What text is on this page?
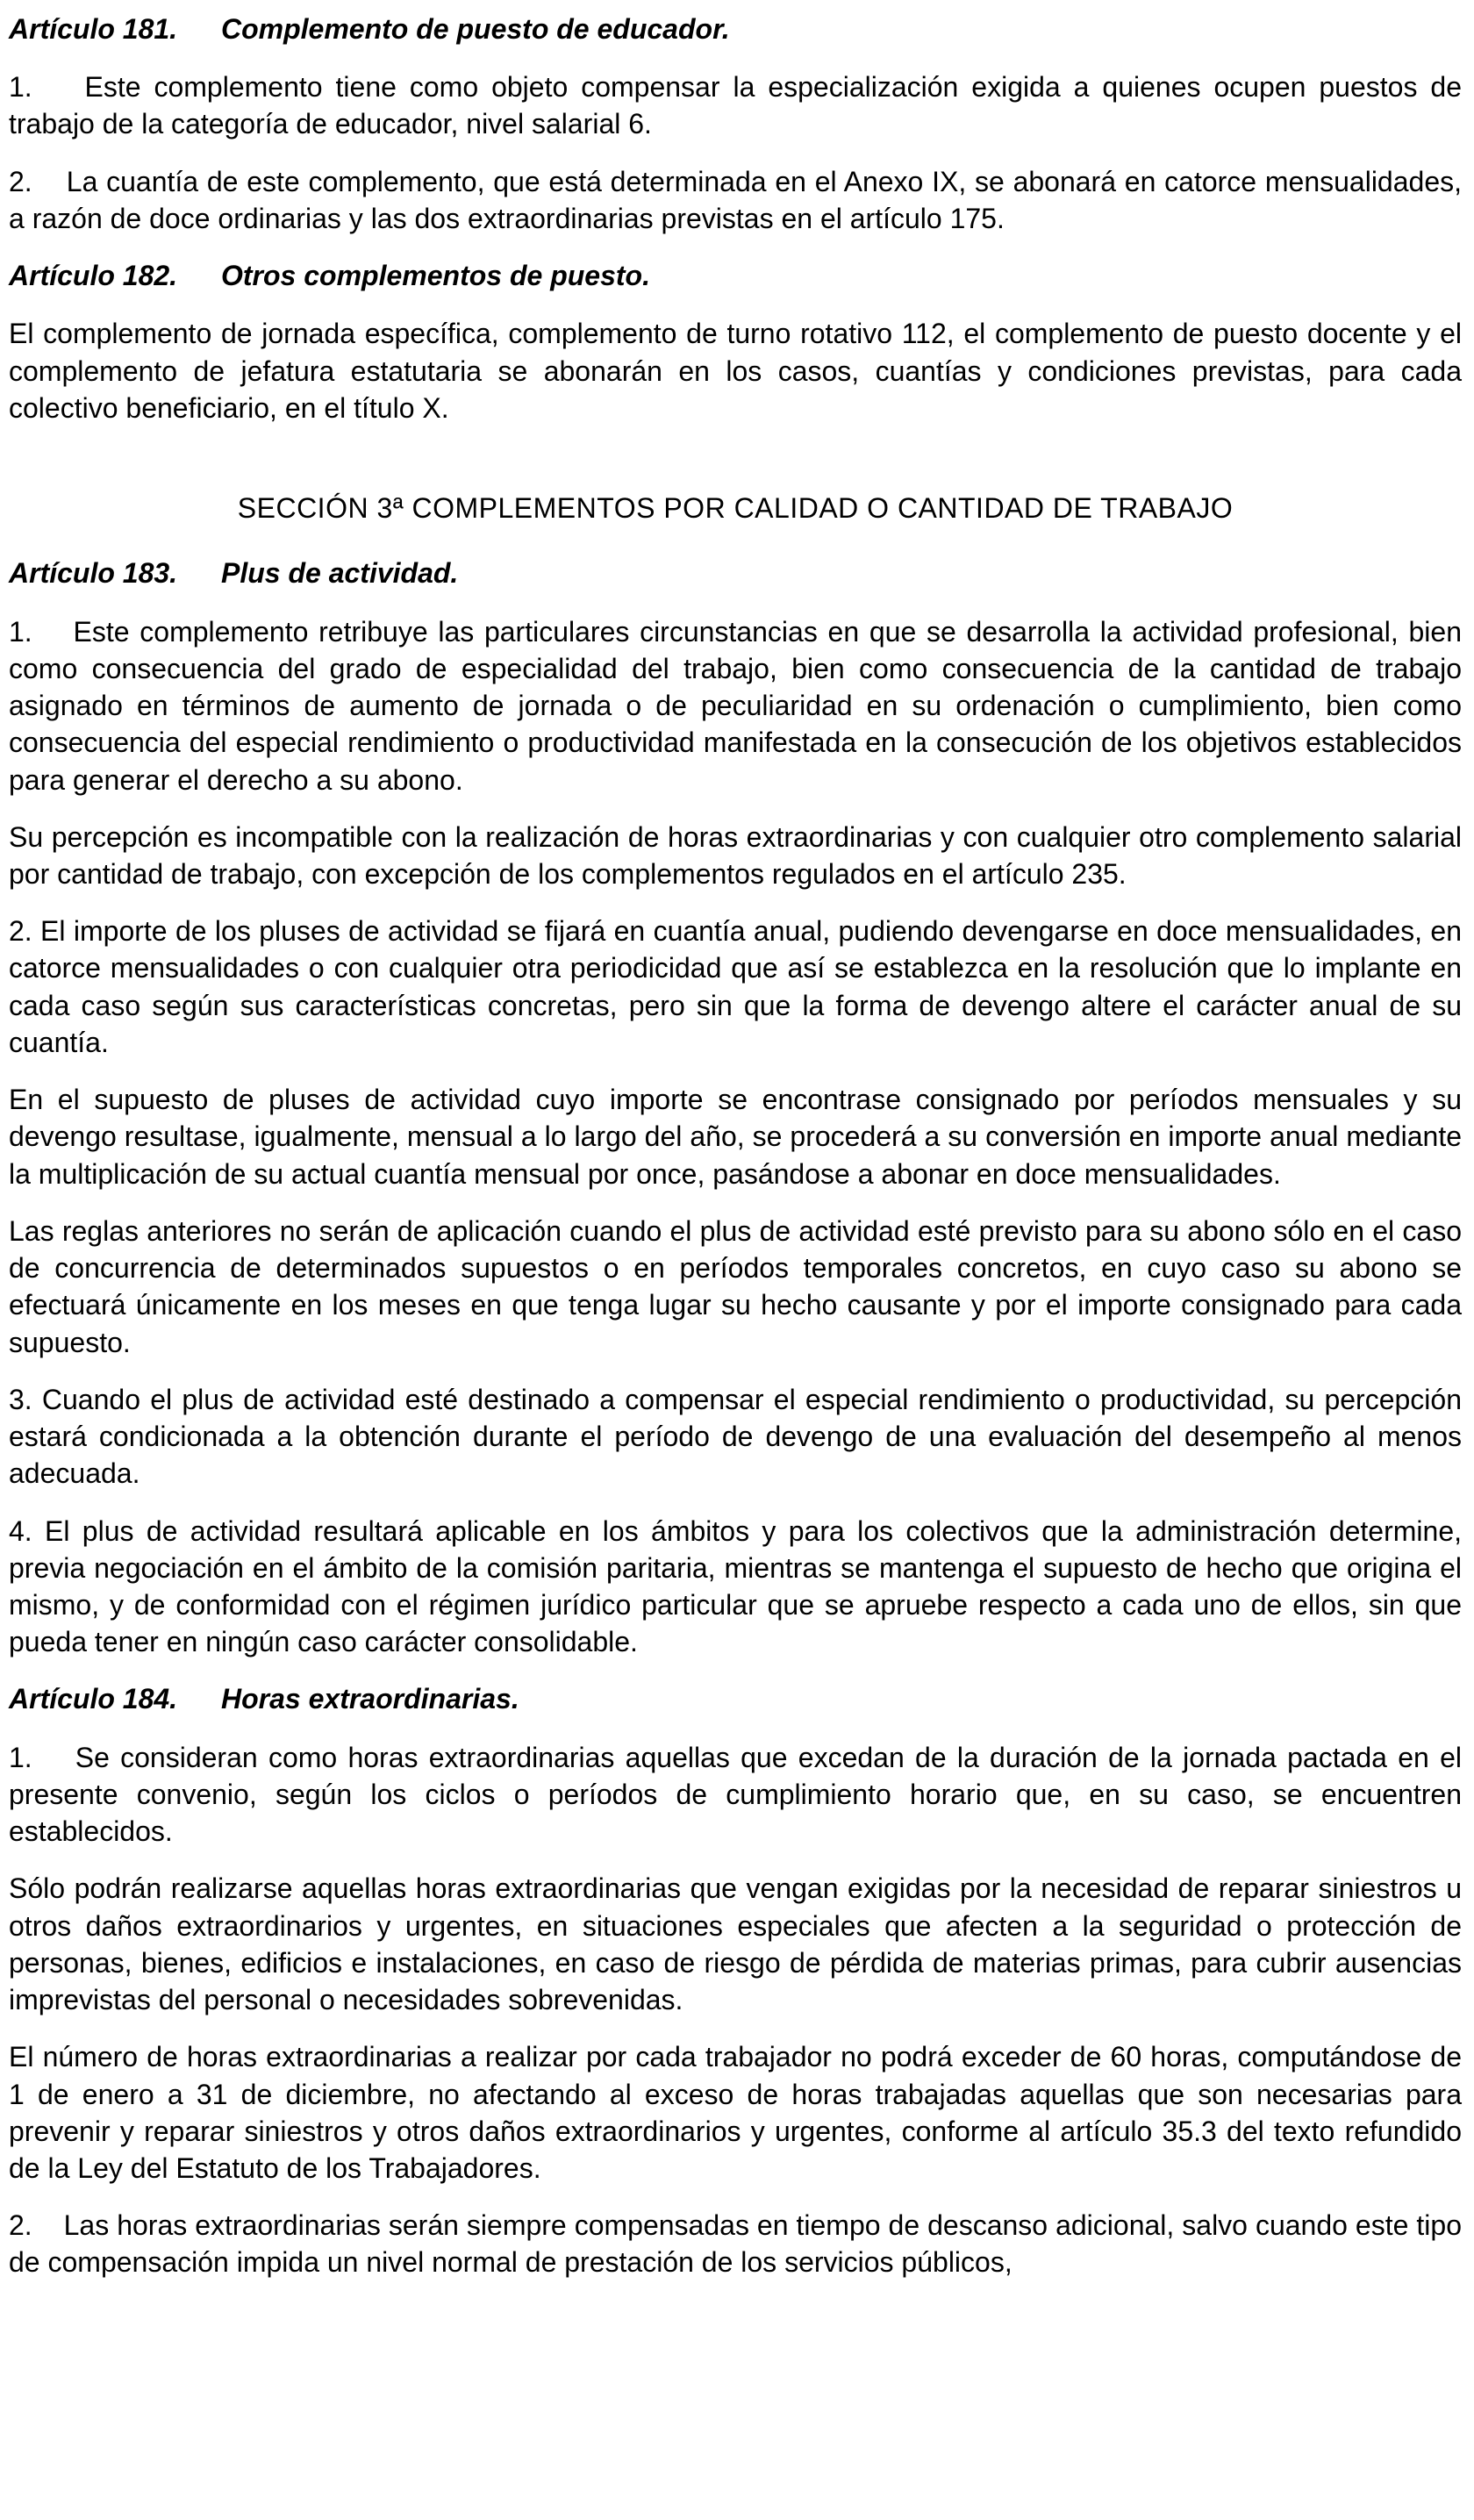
Artículo 181.	Complemento de puesto de educador.

1.    Este complemento tiene como objeto compensar la especialización exigida a quienes ocupen puestos de trabajo de la categoría de educador, nivel salarial 6.

2.    La cuantía de este complemento, que está determinada en el Anexo IX, se abonará en catorce mensualidades, a razón de doce ordinarias y las dos extraordinarias previstas en el artículo 175.

Artículo 182.	Otros complementos de puesto.

El complemento de jornada específica, complemento de turno rotativo 112, el complemento de puesto docente y el complemento de jefatura estatutaria se abonarán en los casos, cuantías y condiciones previstas, para cada colectivo beneficiario, en el título X.

SECCIÓN 3ª COMPLEMENTOS POR CALIDAD O CANTIDAD DE TRABAJO
Artículo 183.	Plus de actividad.

1.    Este complemento retribuye las particulares circunstancias en que se desarrolla la actividad profesional, bien como consecuencia del grado de especialidad del trabajo, bien como consecuencia de la cantidad de trabajo asignado en términos de aumento de jornada o de peculiaridad en su ordenación o cumplimiento, bien como consecuencia del especial rendimiento o productividad manifestada en la consecución de los objetivos establecidos para generar el derecho a su abono.

Su percepción es incompatible con la realización de horas extraordinarias y con cualquier otro complemento salarial por cantidad de trabajo, con excepción de los complementos regulados en el artículo 235.

2. El importe de los pluses de actividad se fijará en cuantía anual, pudiendo devengarse en doce mensualidades, en catorce mensualidades o con cualquier otra periodicidad que así se establezca en la resolución que lo implante en cada caso según sus características concretas, pero sin que la forma de devengo altere el carácter anual de su cuantía.

En el supuesto de pluses de actividad cuyo importe se encontrase consignado por períodos mensuales y su devengo resultase, igualmente, mensual a lo largo del año, se procederá a su conversión en importe anual mediante la multiplicación de su actual cuantía mensual por once, pasándose a abonar en doce mensualidades.

Las reglas anteriores no serán de aplicación cuando el plus de actividad esté previsto para su abono sólo en el caso de concurrencia de determinados supuestos o en períodos temporales concretos, en cuyo caso su abono se efectuará únicamente en los meses en que tenga lugar su hecho causante y por el importe consignado para cada supuesto.

3. Cuando el plus de actividad esté destinado a compensar el especial rendimiento o productividad, su percepción estará condicionada a la obtención durante el período de devengo de una evaluación del desempeño al menos adecuada.

4. El plus de actividad resultará aplicable en los ámbitos y para los colectivos que la administración determine, previa negociación en el ámbito de la comisión paritaria, mientras se mantenga el supuesto de hecho que origina el mismo, y de conformidad con el régimen jurídico particular que se apruebe respecto a cada uno de ellos, sin que pueda tener en ningún caso carácter consolidable.

Artículo 184.	Horas extraordinarias.

1.    Se consideran como horas extraordinarias aquellas que excedan de la duración de la jornada pactada en el presente convenio, según los ciclos o períodos de cumplimiento horario que, en su caso, se encuentren establecidos.

Sólo podrán realizarse aquellas horas extraordinarias que vengan exigidas por la necesidad de reparar siniestros u otros daños extraordinarios y urgentes, en situaciones especiales que afecten a la seguridad o protección de personas, bienes, edificios e instalaciones, en caso de riesgo de pérdida de materias primas, para cubrir ausencias imprevistas del personal o necesidades sobrevenidas.

El número de horas extraordinarias a realizar por cada trabajador no podrá exceder de 60 horas, computándose de 1 de enero a 31 de diciembre, no afectando al exceso de horas trabajadas aquellas que son necesarias para prevenir y reparar siniestros y otros daños extraordinarios y urgentes, conforme al artículo 35.3 del texto refundido de la Ley del Estatuto de los Trabajadores.

2.    Las horas extraordinarias serán siempre compensadas en tiempo de descanso adicional, salvo cuando este tipo de compensación impida un nivel normal de prestación de los servicios públicos,
